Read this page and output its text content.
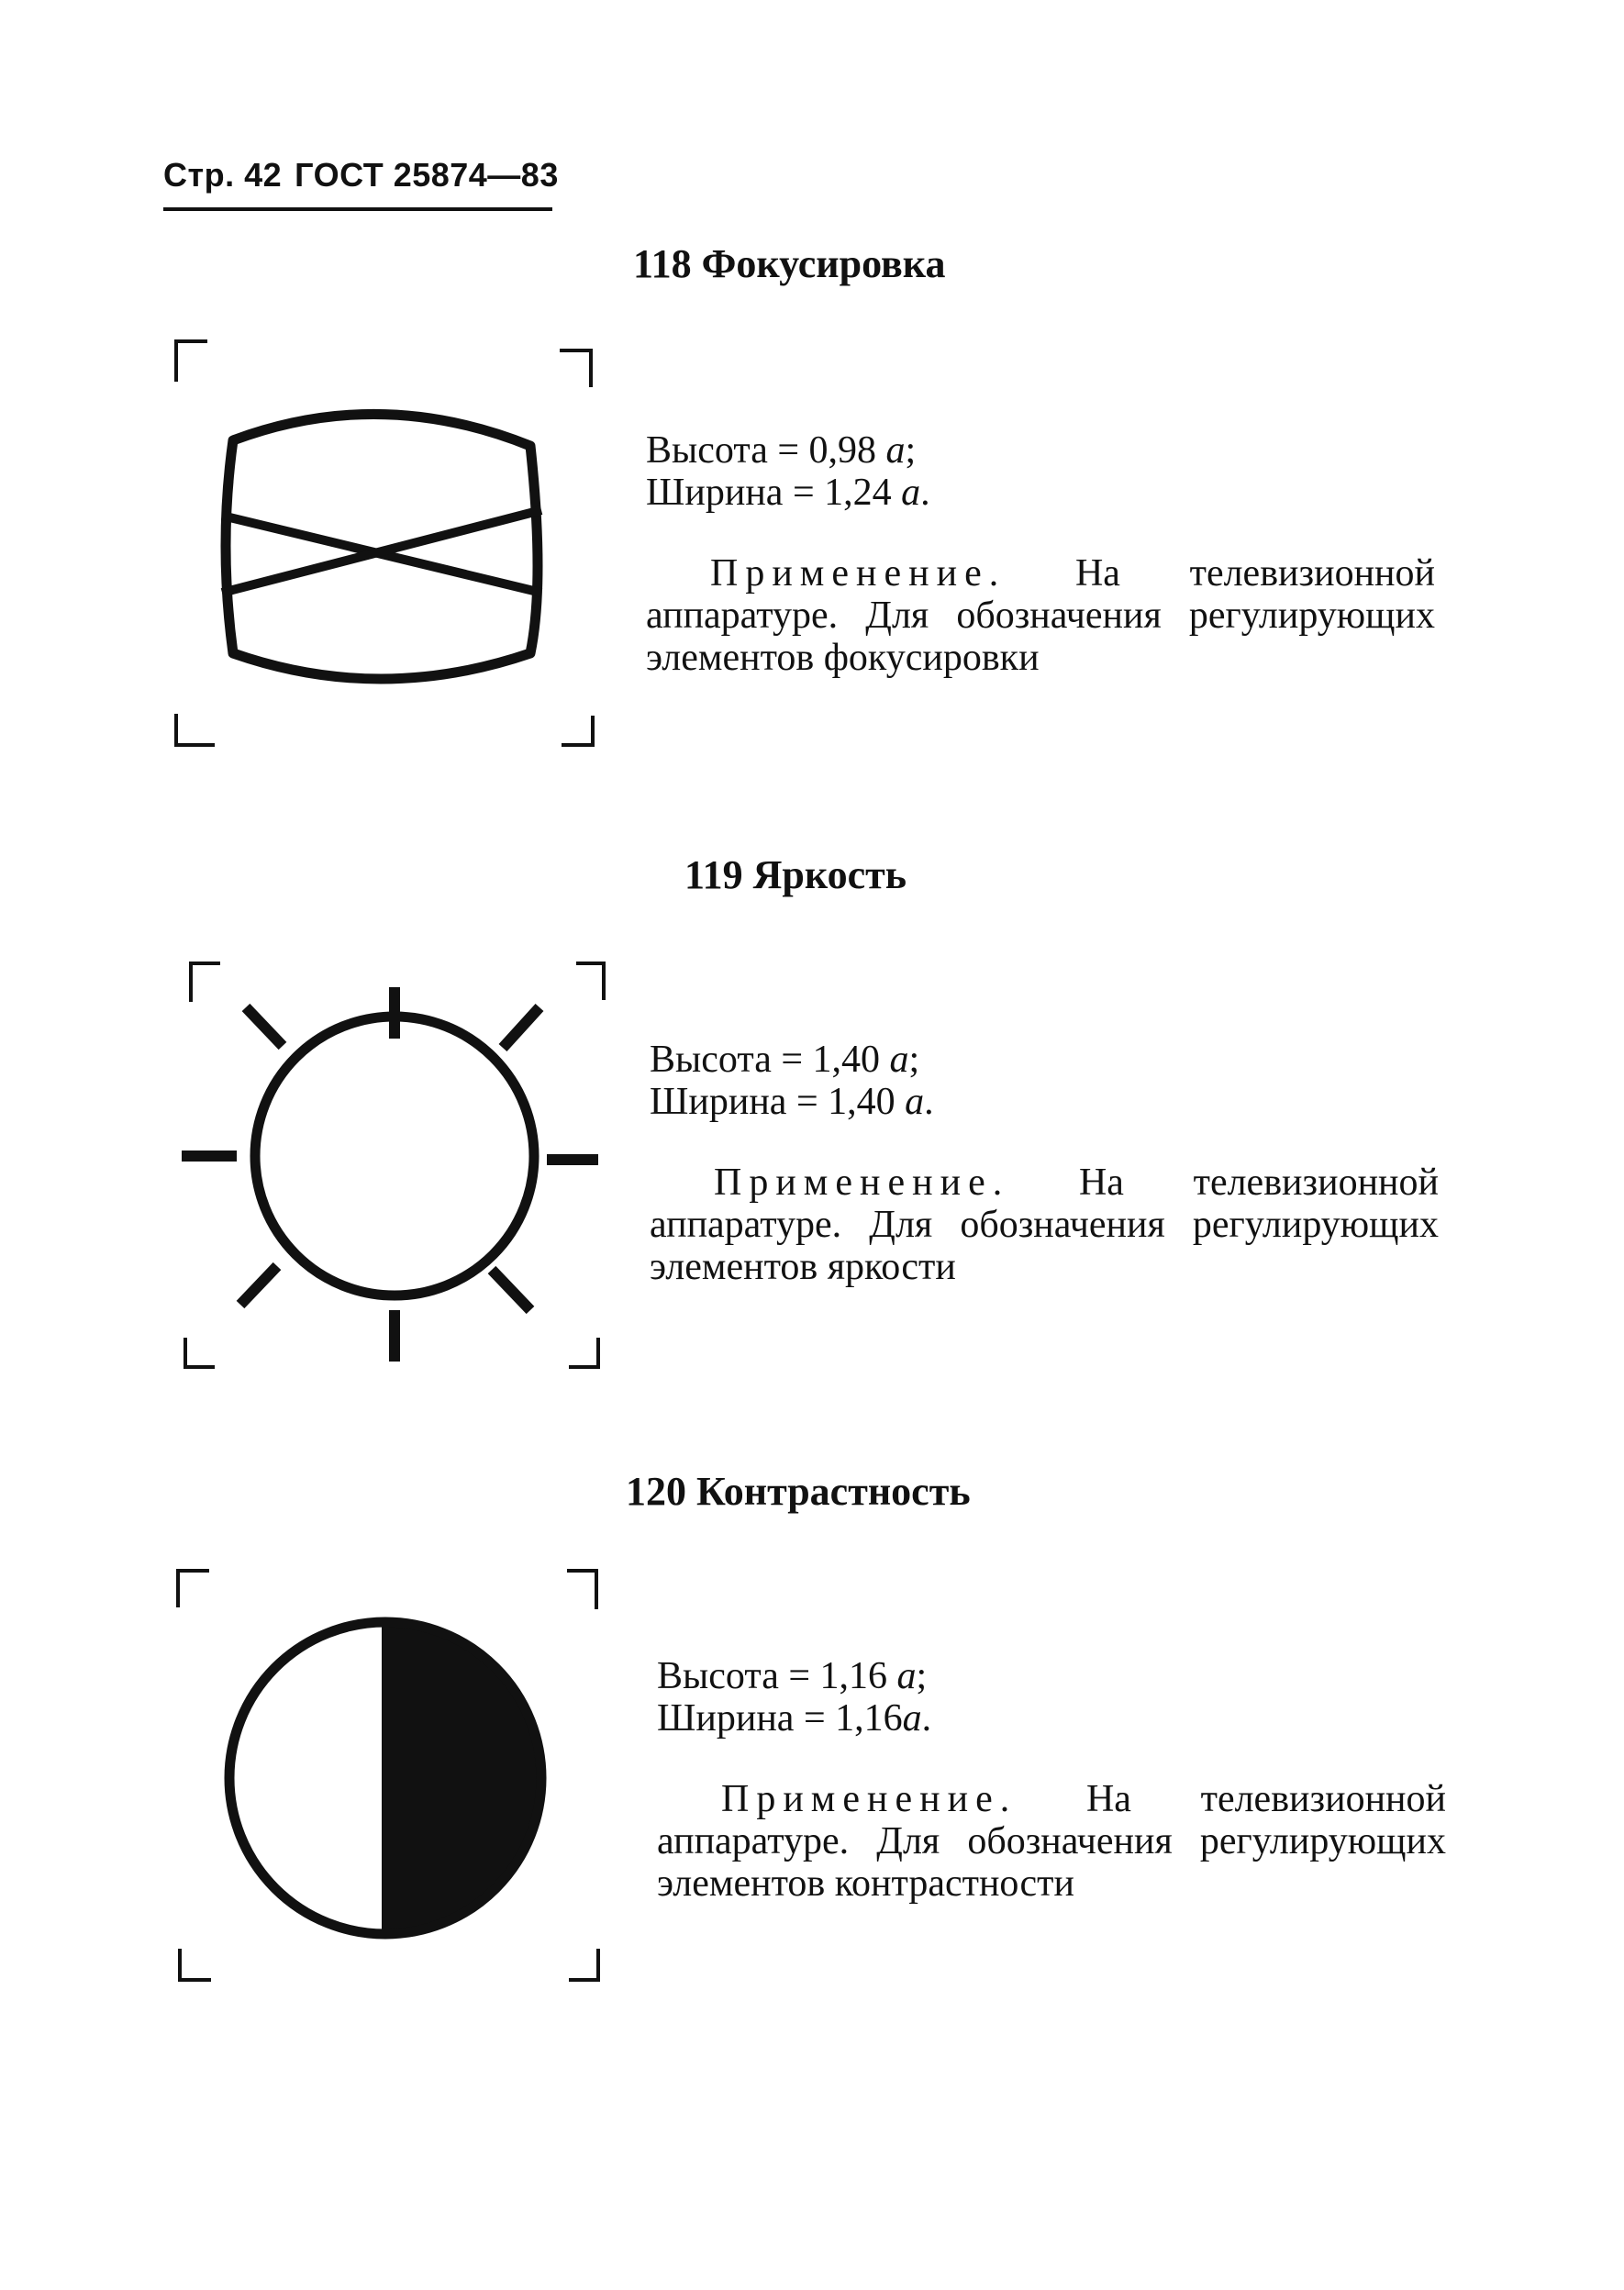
Стр. 42 ГОСТ 25874—83
118 Фокусировка
Высота = 0,98 a;
Ширина = 1,24 a.
Применение. На телевизионной аппаратуре. Для обозначения регулирующих элементов фокусировки
119 Яркость
Высота = 1,40 a;
Ширина = 1,40 a.
Применение. На телевизионной аппаратуре. Для обозначения регулирующих элементов яркости
120 Контрастность
Высота = 1,16 a;
Ширина = 1,16a.
Применение. На телевизионной аппаратуре. Для обозначения регулирующих элементов контрастности
